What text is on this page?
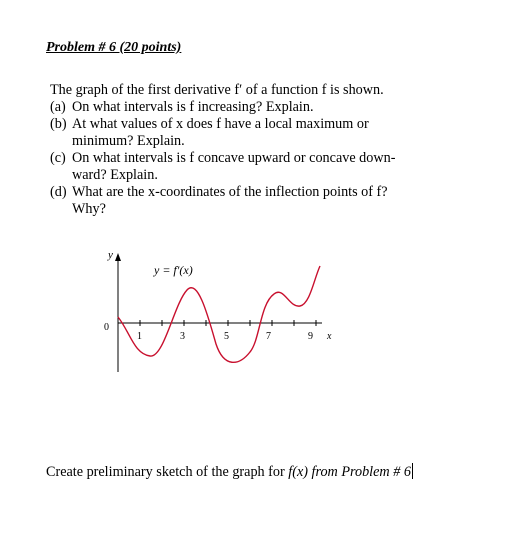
Problem # 6 (20 points)

The graph of the first derivative f′ of a function f is shown.

(a) On what intervals is f increasing? Explain.
(b) At what values of x does f have a local maximum or
minimum? Explain.
(c) On what intervals is f concave upward or concave down-
ward? Explain.
(d) What are the x-coordinates of the inflection points of f?
Why?
y
0
1	3	5	7	9 x
y = f′(x)
Create preliminary sketch of the graph for f(x) from Problem # 6
